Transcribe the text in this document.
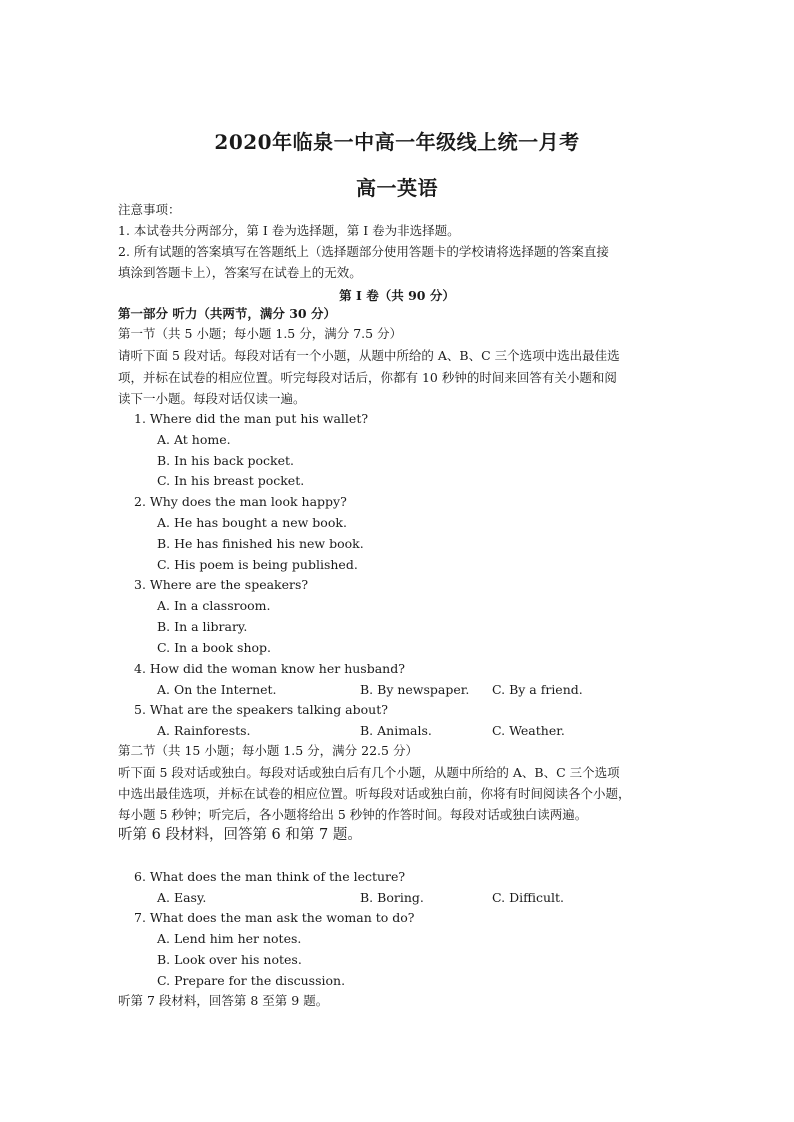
2020年临泉一中高一年级线上统一月考
高一英语
注意事项：
1. 本试卷共分两部分，第 I 卷为选择题，第 I 卷为非选择题。
2. 所有试题的答案填写在答题纸上（选择题部分使用答题卡的学校请将选择题的答案直接
填涂到答题卡上），答案写在试卷上的无效。
第 I 卷（共 90 分）
第一部分 听力（共两节，满分 30 分）
第一节（共 5 小题；每小题 1.5 分，满分 7.5 分）
请听下面 5 段对话。每段对话有一个小题，从题中所给的 A、B、C 三个选项中选出最佳选
项，并标在试卷的相应位置。听完每段对话后，你都有 10 秒钟的时间来回答有关小题和阅
读下一小题。每段对话仅读一遍。
1. Where did the man put his wallet?
A. At home.
B. In his back pocket.
C. In his breast pocket.
2. Why does the man look happy?
A. He has bought a new book.
B. He has finished his new book.
C. His poem is being published.
3. Where are the speakers?
A. In a classroom.
B. In a library.
C. In a book shop.
4. How did the woman know her husband?
A. On the Internet.	B. By newspaper. C. By a friend.
5. What are the speakers talking about?
A. Rainforests.	B. Animals.	C. Weather.
第二节（共 15 小题；每小题 1.5 分，满分 22.5 分）
听下面 5 段对话或独白。每段对话或独白后有几个小题，从题中所给的 A、B、C 三个选项
中选出最佳选项，并标在试卷的相应位置。听每段对话或独白前，你将有时间阅读各个小题，
每小题 5 秒钟；听完后，各小题将给出 5 秒钟的作答时间。每段对话或独白读两遍。
听第 6 段材料，回答第 6 和第 7 题。
6. What does the man think of the lecture?
A. Easy.	B. Boring.	C. Difficult.
7. What does the man ask the woman to do?
A. Lend him her notes.
B. Look over his notes.
C. Prepare for the discussion.
听第 7 段材料，回答第 8 至第 9 题。
